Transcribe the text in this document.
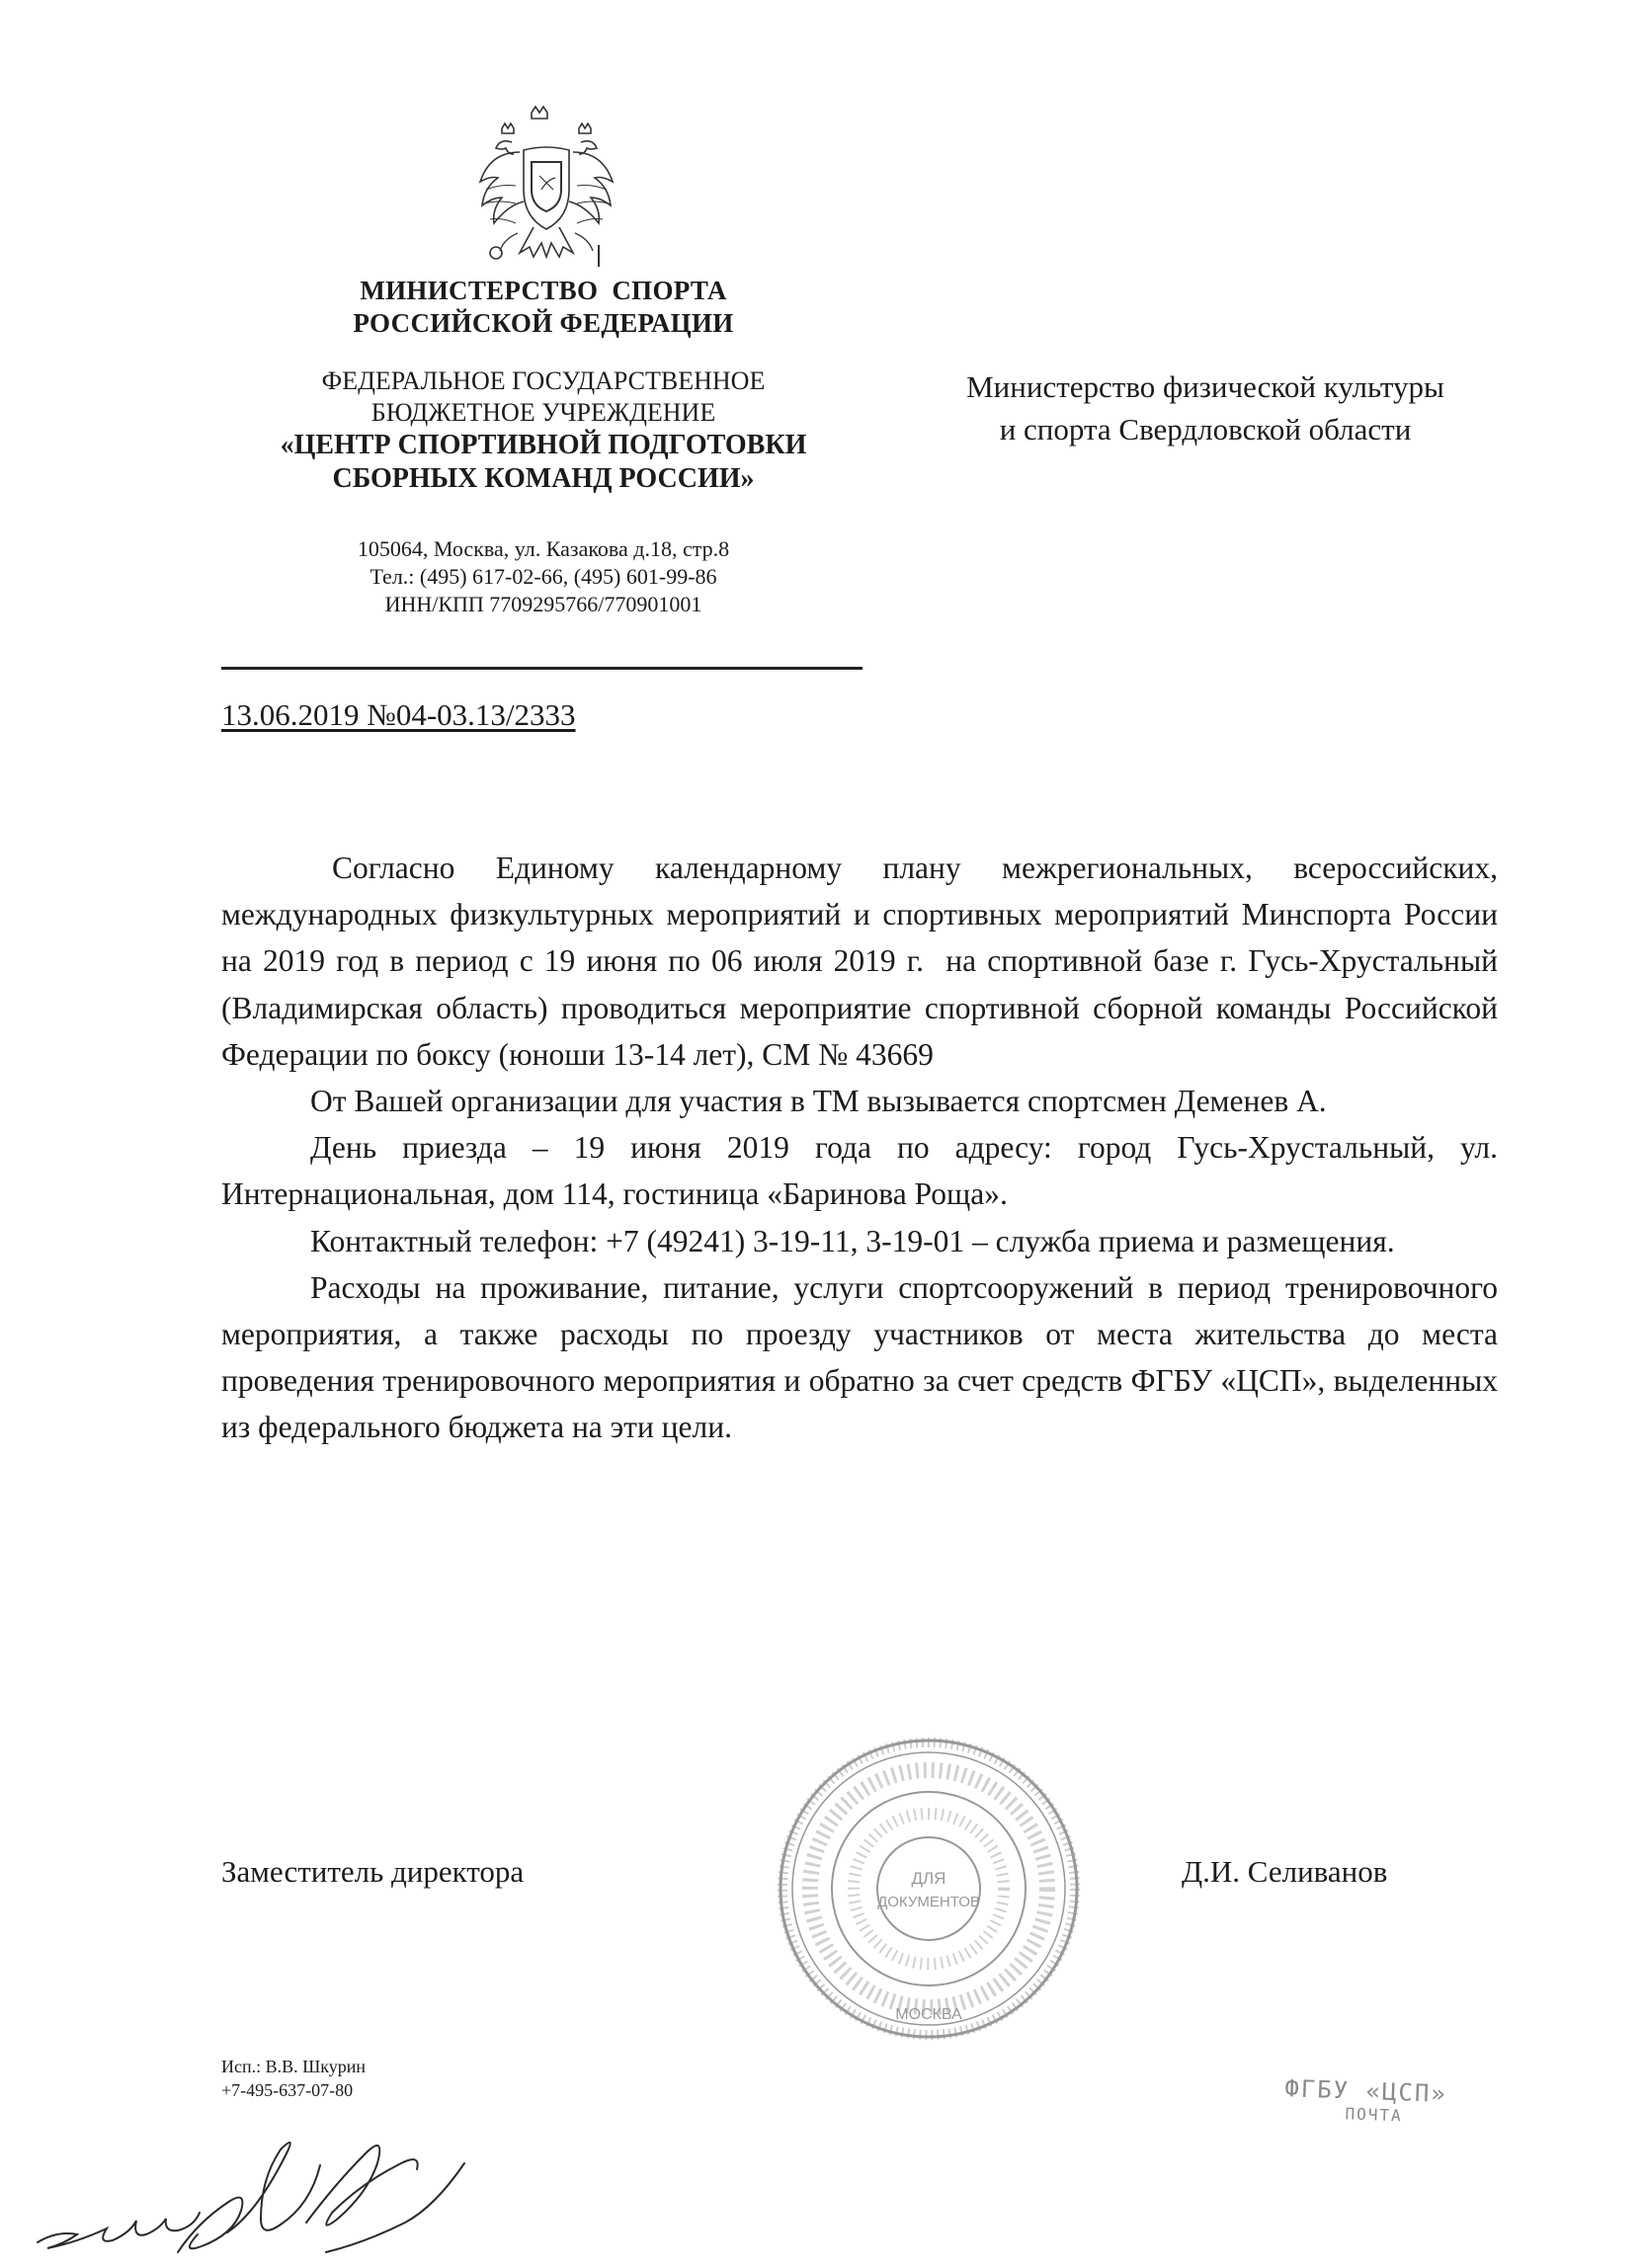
МИНИСТЕРСТВО  СПОРТА
РОССИЙСКОЙ ФЕДЕРАЦИИ
ФЕДЕРАЛЬНОЕ ГОСУДАРСТВЕННОЕ
БЮДЖЕТНОЕ УЧРЕЖДЕНИЕ
«ЦЕНТР СПОРТИВНОЙ ПОДГОТОВКИ
СБОРНЫХ КОМАНД РОССИИ»
105064, Москва, ул. Казакова д.18, стр.8
Тел.: (495) 617-02-66, (495) 601-99-86
ИНН/КПП 7709295766/770901001
13.06.2019 №04-03.13/2333
Министерство физической культуры
и спорта Свердловской области

Согласно Единому календарному плану межрегиональных, всероссийских, международных физкультурных мероприятий и спортивных мероприятий Минспорта России на 2019 год в период с 19 июня по 06 июля 2019 г.  на спортивной базе г. Гусь-Хрустальный (Владимирская область) проводиться мероприятие спортивной сборной команды Российской Федерации по боксу (юноши 13-14 лет), СМ № 43669

От Вашей организации для участия в ТМ вызывается спортсмен Деменев А.

День приезда – 19 июня 2019 года по адресу: город Гусь-Хрустальный, ул. Интернациональная, дом 114, гостиница «Баринова Роща».

Контактный телефон: +7 (49241) 3-19-11, 3-19-01 – служба приема и размещения.

Расходы на проживание, питание, услуги спортсооружений в период тренировочного мероприятия, а также расходы по проезду участников от места жительства до места проведения тренировочного мероприятия и обратно за счет средств ФГБУ «ЦСП», выделенных из федерального бюджета на эти цели.

Заместитель директора	Д.И. Селиванов
ДЛЯ
ДОКУМЕНТОВ
МОСКВА
Исп.: В.В. Шкурин
+7-495-637-07-80	ФГБУ «ЦСП»
ПОЧТА
